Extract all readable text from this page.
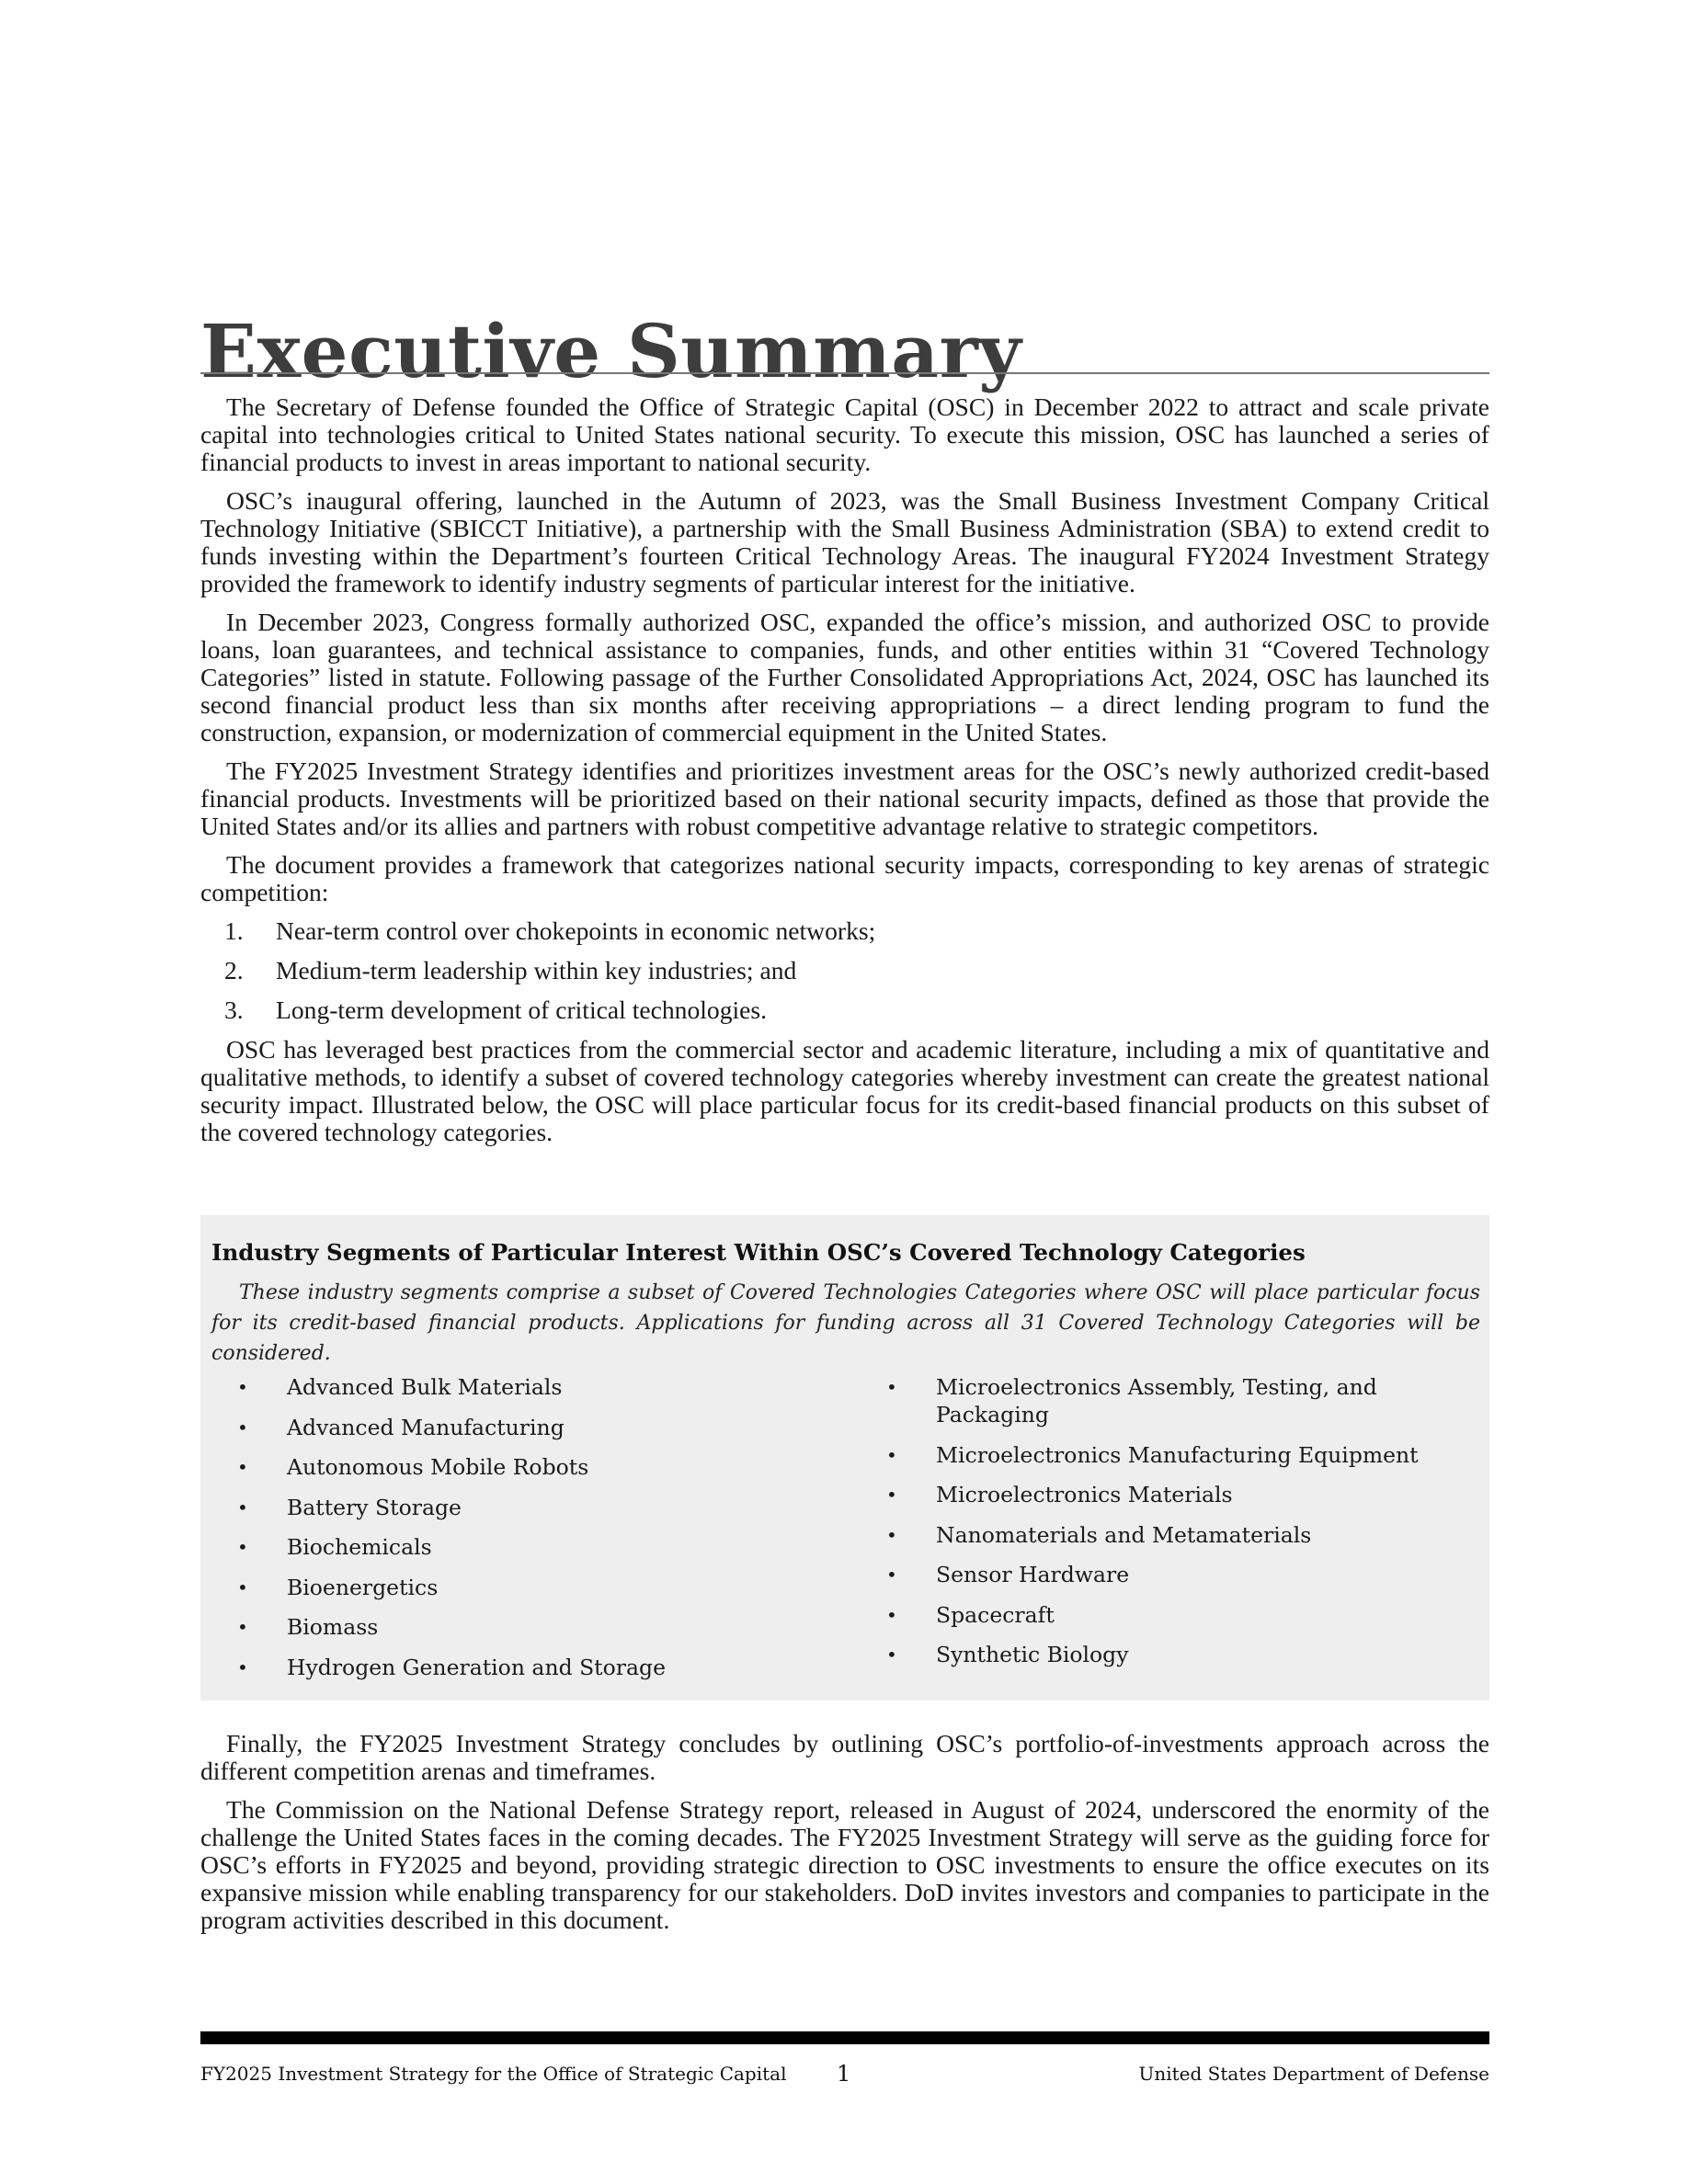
Executive Summary

The Secretary of Defense founded the Office of Strategic Capital (OSC) in December 2022 to attract and scale private capital into technologies critical to United States national security. To execute this mission, OSC has launched a series of financial products to invest in areas important to national security.

OSC’s inaugural offering, launched in the Autumn of 2023, was the Small Business Investment Company Critical Technology Initiative (SBICCT Initiative), a partnership with the Small Business Administration (SBA) to extend credit to funds investing within the Department’s fourteen Critical Technology Areas. The inaugural FY2024 Investment Strategy provided the framework to identify industry segments of particular interest for the initiative.

In December 2023, Congress formally authorized OSC, expanded the office’s mission, and authorized OSC to provide loans, loan guarantees, and technical assistance to companies, funds, and other entities within 31 “Covered Technology Categories” listed in statute. Following passage of the Further Consolidated Appropriations Act, 2024, OSC has launched its second financial product less than six months after receiving appropriations – a direct lending program to fund the construction, expansion, or modernization of commercial equipment in the United States.

The FY2025 Investment Strategy identifies and prioritizes investment areas for the OSC’s newly authorized credit-based financial products. Investments will be prioritized based on their national security impacts, defined as those that provide the United States and/or its allies and partners with robust competitive advantage relative to strategic competitors.

The document provides a framework that categorizes national security impacts, corresponding to key arenas of strategic competition:

1. Near-term control over chokepoints in economic networks;
2. Medium-term leadership within key industries; and
3. Long-term development of critical technologies.

OSC has leveraged best practices from the commercial sector and academic literature, including a mix of quantitative and qualitative methods, to identify a subset of covered technology categories whereby investment can create the greatest national security impact. Illustrated below, the OSC will place particular focus for its credit-based financial products on this subset of the covered technology categories.

Industry Segments of Particular Interest Within OSC’s Covered Technology Categories
These industry segments comprise a subset of Covered Technologies Categories where OSC will place particular focus for its credit-based financial products. Applications for funding across all 31 Covered Technology Categories will be considered.
• Advanced Bulk Materials
• Advanced Manufacturing
• Autonomous Mobile Robots
• Battery Storage
• Biochemicals
• Bioenergetics
• Biomass
• Hydrogen Generation and Storage
• Microelectronics Assembly, Testing, and Packaging
• Microelectronics Manufacturing Equipment
• Microelectronics Materials
• Nanomaterials and Metamaterials
• Sensor Hardware
• Spacecraft
• Synthetic Biology

Finally, the FY2025 Investment Strategy concludes by outlining OSC’s portfolio-of-investments approach across the different competition arenas and timeframes.

The Commission on the National Defense Strategy report, released in August of 2024, underscored the enormity of the challenge the United States faces in the coming decades. The FY2025 Investment Strategy will serve as the guiding force for OSC’s efforts in FY2025 and beyond, providing strategic direction to OSC investments to ensure the office executes on its expansive mission while enabling transparency for our stakeholders. DoD invites investors and companies to participate in the program activities described in this document.

FY2025 Investment Strategy for the Office of Strategic Capital 1	United States Department of Defense
